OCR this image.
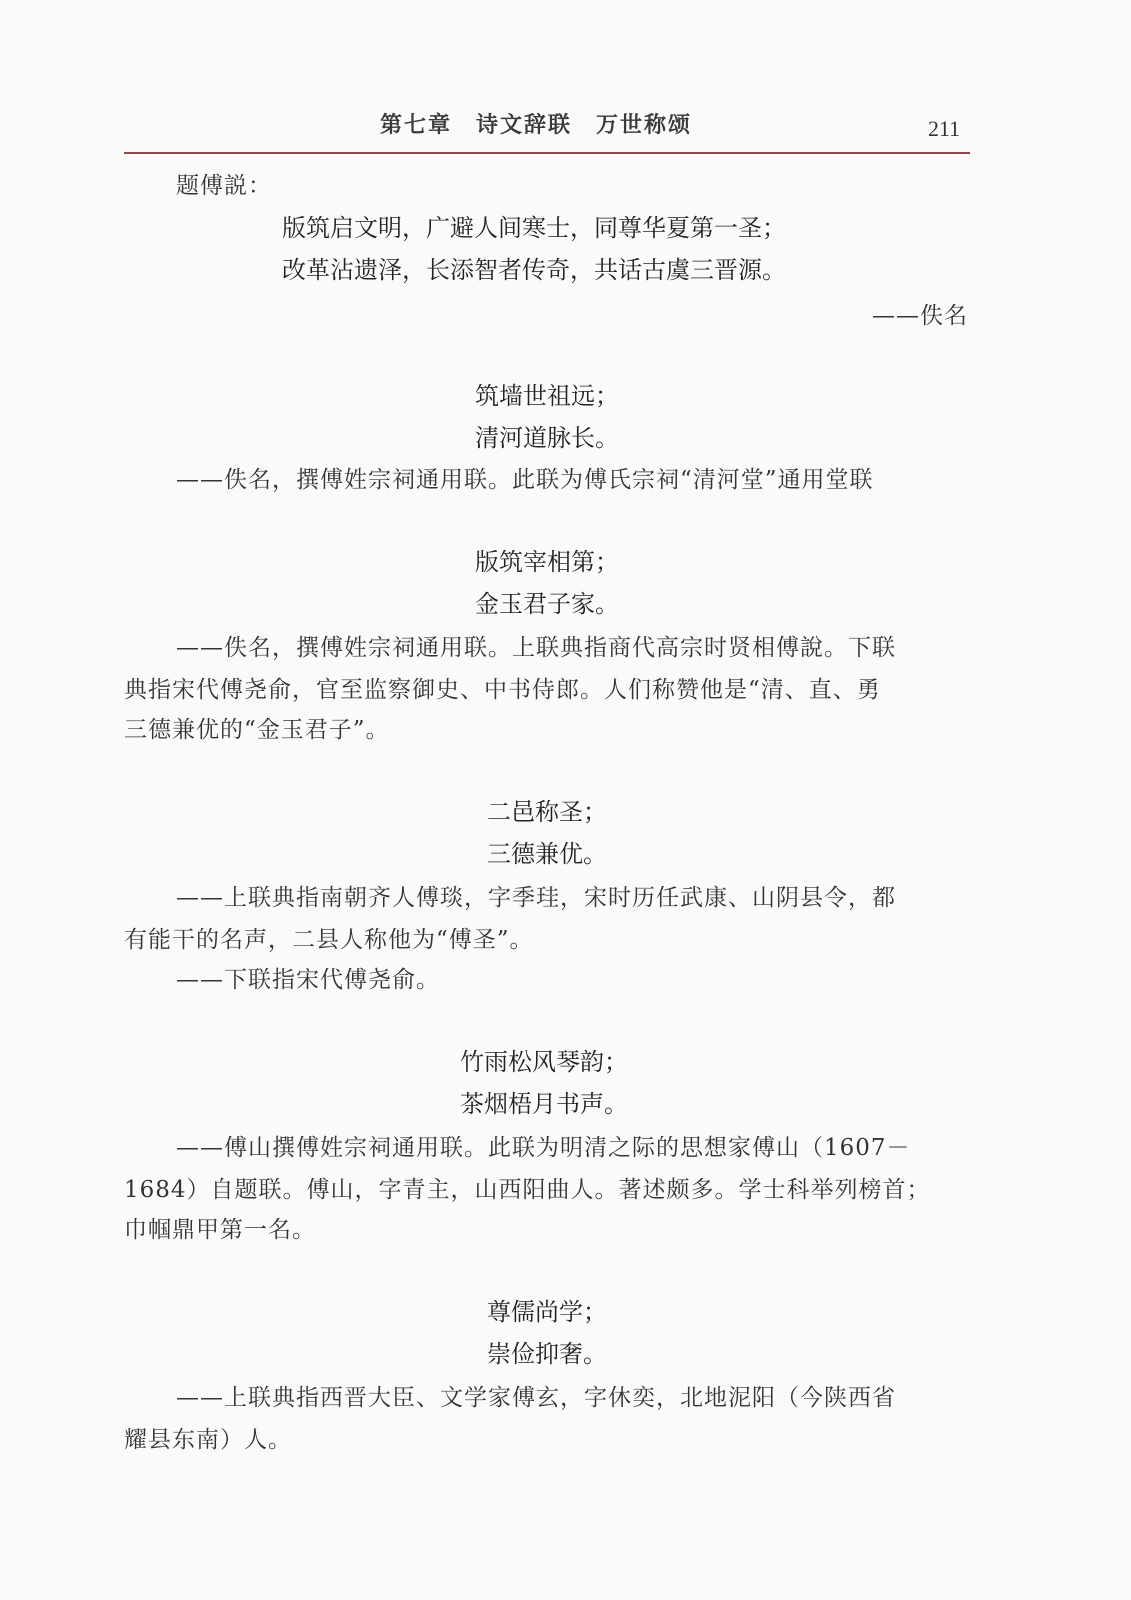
第七章　诗文辞联　万世称颂	211
题傅説：
版筑启文明，广避人间寒士，同尊华夏第一圣；
改革沾遗泽，长添智者传奇，共话古虞三晋源。
——佚名
筑墙世祖远；
清河道脉长。
——佚名，撰傅姓宗祠通用联。此联为傅氏宗祠“清河堂”通用堂联
版筑宰相第；
金玉君子家。
——佚名，撰傅姓宗祠通用联。上联典指商代高宗时贤相傅說。下联
典指宋代傅尧俞，官至监察御史、中书侍郎。人们称赞他是“清、直、勇
三德兼优的“金玉君子”。
二邑称圣；
三德兼优。
——上联典指南朝齐人傅琰，字季珪，宋时历任武康、山阴县令，都
有能干的名声，二县人称他为“傅圣”。
——下联指宋代傅尧俞。
竹雨松风琴韵；
茶烟梧月书声。
——傅山撰傅姓宗祠通用联。此联为明清之际的思想家傅山（1607－
1684）自题联。傅山，字青主，山西阳曲人。著述颇多。学士科举列榜首；
巾帼鼎甲第一名。
尊儒尚学；
崇俭抑奢。
——上联典指西晋大臣、文学家傅玄，字休奕，北地泥阳（今陕西省
耀县东南）人。
